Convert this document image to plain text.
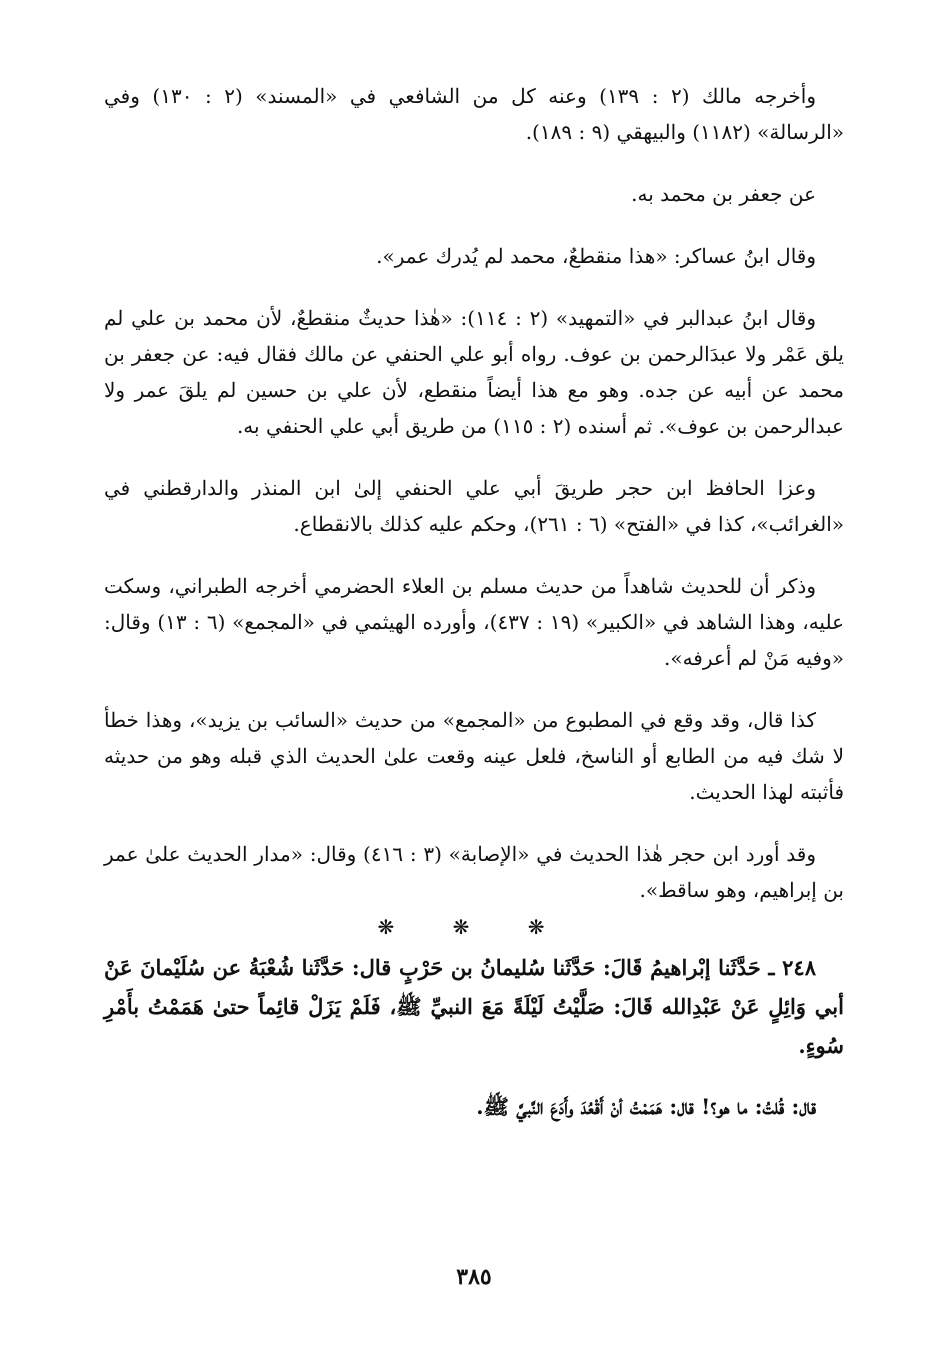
وأخرجه مالك (٢ : ١٣٩) وعنه كل من الشافعي في «المسند» (٢ : ١٣٠) وفي «الرسالة» (١١٨٢) والبيهقي (٩ : ١٨٩).

عن جعفر بن محمد به.

وقال ابنُ عساكر: «هذا منقطعٌ، محمد لم يُدرك عمر».

وقال ابنُ عبدالبر في «التمهيد» (٢ : ١١٤): «هٰذا حديثٌ منقطعٌ، لأن محمد بن علي لم يلق عَمْر ولا عبدَالرحمن بن عوف. رواه أبو علي الحنفي عن مالك فقال فيه: عن جعفر بن محمد عن أبيه عن جده. وهو مع هذا أيضاً منقطع، لأن علي بن حسين لم يلقَ عمر ولا عبدالرحمن بن عوف». ثم أسنده (٢ : ١١٥) من طريق أبي علي الحنفي به.

وعزا الحافظ ابن حجر طريقَ أبي علي الحنفي إلىٰ ابن المنذر والدارقطني في «الغرائب»، كذا في «الفتح» (٦ : ٢٦١)، وحكم عليه كذلك بالانقطاع.

وذكر أن للحديث شاهداً من حديث مسلم بن العلاء الحضرمي أخرجه الطبراني، وسكت عليه، وهذا الشاهد في «الكبير» (١٩ : ٤٣٧)، وأورده الهيثمي في «المجمع» (٦ : ١٣) وقال: «وفيه مَنْ لم أعرفه».

كذا قال، وقد وقع في المطبوع من «المجمع» من حديث «السائب بن يزيد»، وهذا خطأ لا شك فيه من الطابع أو الناسخ، فلعل عينه وقعت علىٰ الحديث الذي قبله وهو من حديثه فأثبته لهذا الحديث.

وقد أورد ابن حجر هٰذا الحديث في «الإصابة» (٣ : ٤١٦) وقال: «مدار الحديث علىٰ عمر بن إبراهيم، وهو ساقط».

❋ ❋ ❋

٢٤٨ ـ حَدَّثَنا إبْراهيمُ قَالَ: حَدَّثَنا سُليمانُ بن حَرْبٍ قال: حَدَّثَنا شُعْبَةُ عن سُلَيْمانَ عَنْ أبي وَائِلٍ عَنْ عَبْدِالله قَالَ: صَلَّيْتُ لَيْلَةً مَعَ النبيِّ ﷺ، فَلَمْ يَزَلْ قائِماً حتىٰ هَمَمْتُ بأَمْرِ سُوءٍ.

قال: قُلتُ: ما هو؟! قال: هَمَمْتُ أنْ أَقْعُدَ وأَدَعَ النَّبيَّ ﷺ.

٣٨٥
